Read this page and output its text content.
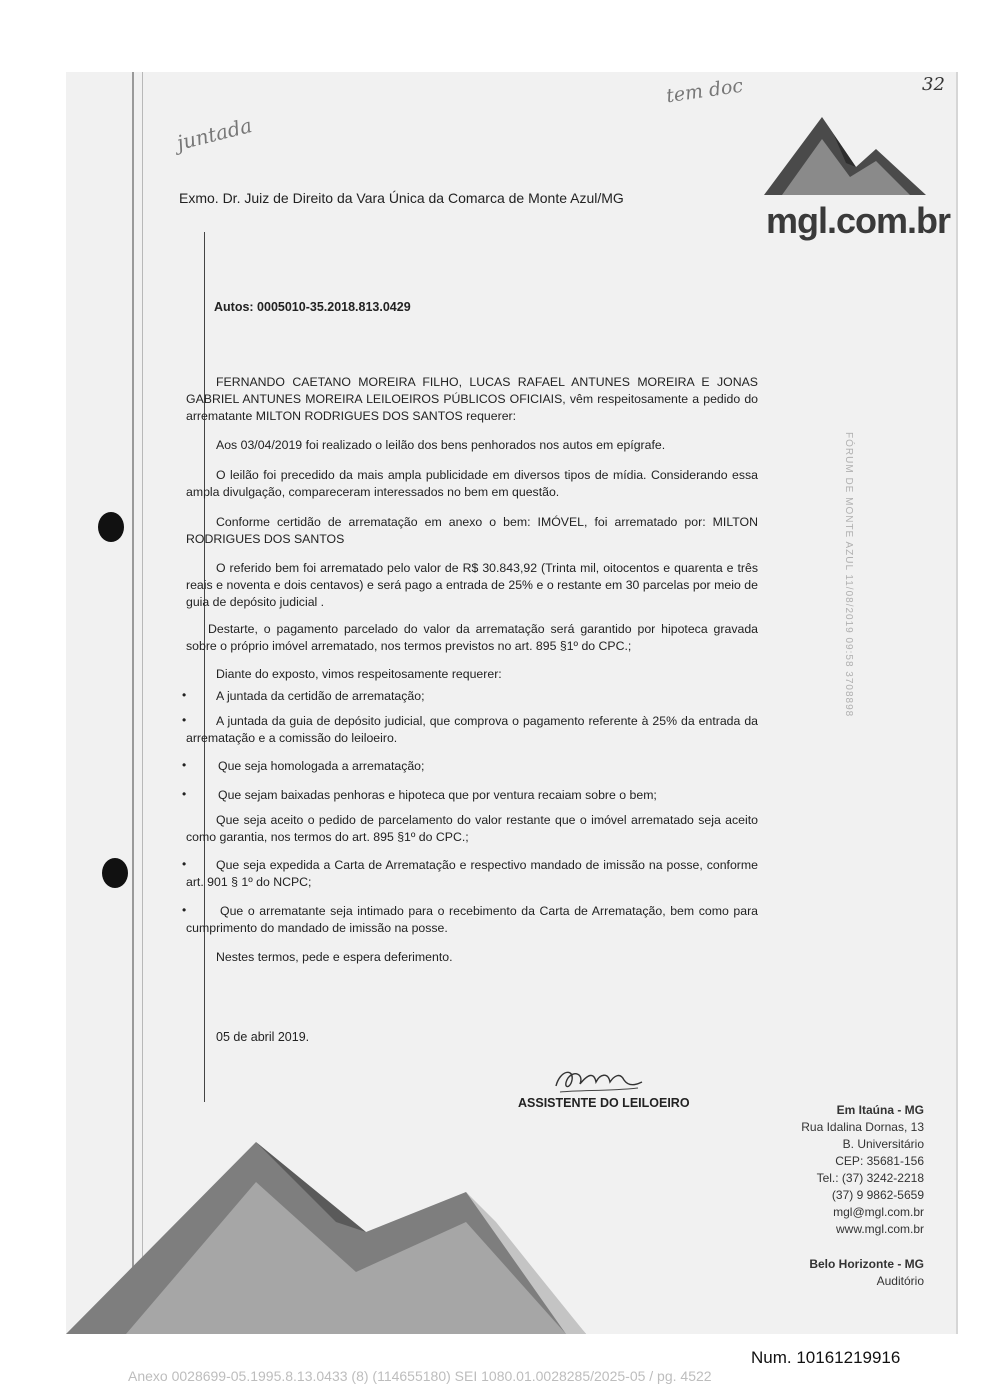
juntada
tem doc	32
mgl.com.br
Exmo. Dr. Juiz de Direito da Vara Única da Comarca de Monte Azul/MG
Autos: 0005010-35.2018.813.0429
FERNANDO CAETANO MOREIRA FILHO, LUCAS RAFAEL ANTUNES MOREIRA E JONAS GABRIEL ANTUNES MOREIRA LEILOEIROS PÚBLICOS OFICIAIS, vêm respeitosamente a pedido do arrematante MILTON RODRIGUES DOS SANTOS requerer:
Aos 03/04/2019 foi realizado o leilão dos bens penhorados nos autos em epígrafe.
O leilão foi precedido da mais ampla publicidade em diversos tipos de mídia. Considerando essa ampla divulgação, compareceram interessados no bem em questão.
Conforme certidão de arrematação em anexo o bem: IMÓVEL, foi arrematado por: MILTON RODRIGUES DOS SANTOS
O referido bem foi arrematado pelo valor de R$ 30.843,92 (Trinta mil, oitocentos e quarenta e três reais e noventa e dois centavos) e será pago a entrada de 25% e o restante em 30 parcelas por meio de guia de depósito judicial .
Destarte, o pagamento parcelado do valor da arrematação será garantido por hipoteca gravada sobre o próprio imóvel arrematado, nos termos previstos no art. 895 §1º do CPC.;
Diante do exposto, vimos respeitosamente requerer:
•	A juntada da certidão de arrematação;
•	A juntada da guia de depósito judicial, que comprova o pagamento referente à 25% da entrada da arrematação e a comissão do leiloeiro.
•	Que seja homologada a arrematação;
•	Que sejam baixadas penhoras e hipoteca que por ventura recaiam sobre o bem;
Que seja aceito o pedido de parcelamento do valor restante que o imóvel arrematado seja aceito como garantia, nos termos do art. 895 §1º do CPC.;
•	Que seja expedida a Carta de Arrematação e respectivo mandado de imissão na posse, conforme art. 901 § 1º do NCPC;
•	Que o arrematante seja intimado para o recebimento da Carta de Arrematação, bem como para cumprimento do mandado de imissão na posse.
Nestes termos, pede e espera deferimento.
05 de abril 2019.
ASSISTENTE DO LEILOEIRO	Em Itaúna - MG
Rua Idalina Dornas, 13
B. Universitário
CEP: 35681-156
Tel.: (37) 3242-2218
(37) 9 9862-5659
mgl@mgl.com.br
www.mgl.com.br
Belo Horizonte - MG
Auditório
FÓRUM DE MONTE AZUL 11/08/2019 09:58 3708898
Num. 10161219916
Anexo 0028699-05.1995.8.13.0433 (8) (114655180) SEI 1080.01.0028285/2025-05 / pg. 4522
